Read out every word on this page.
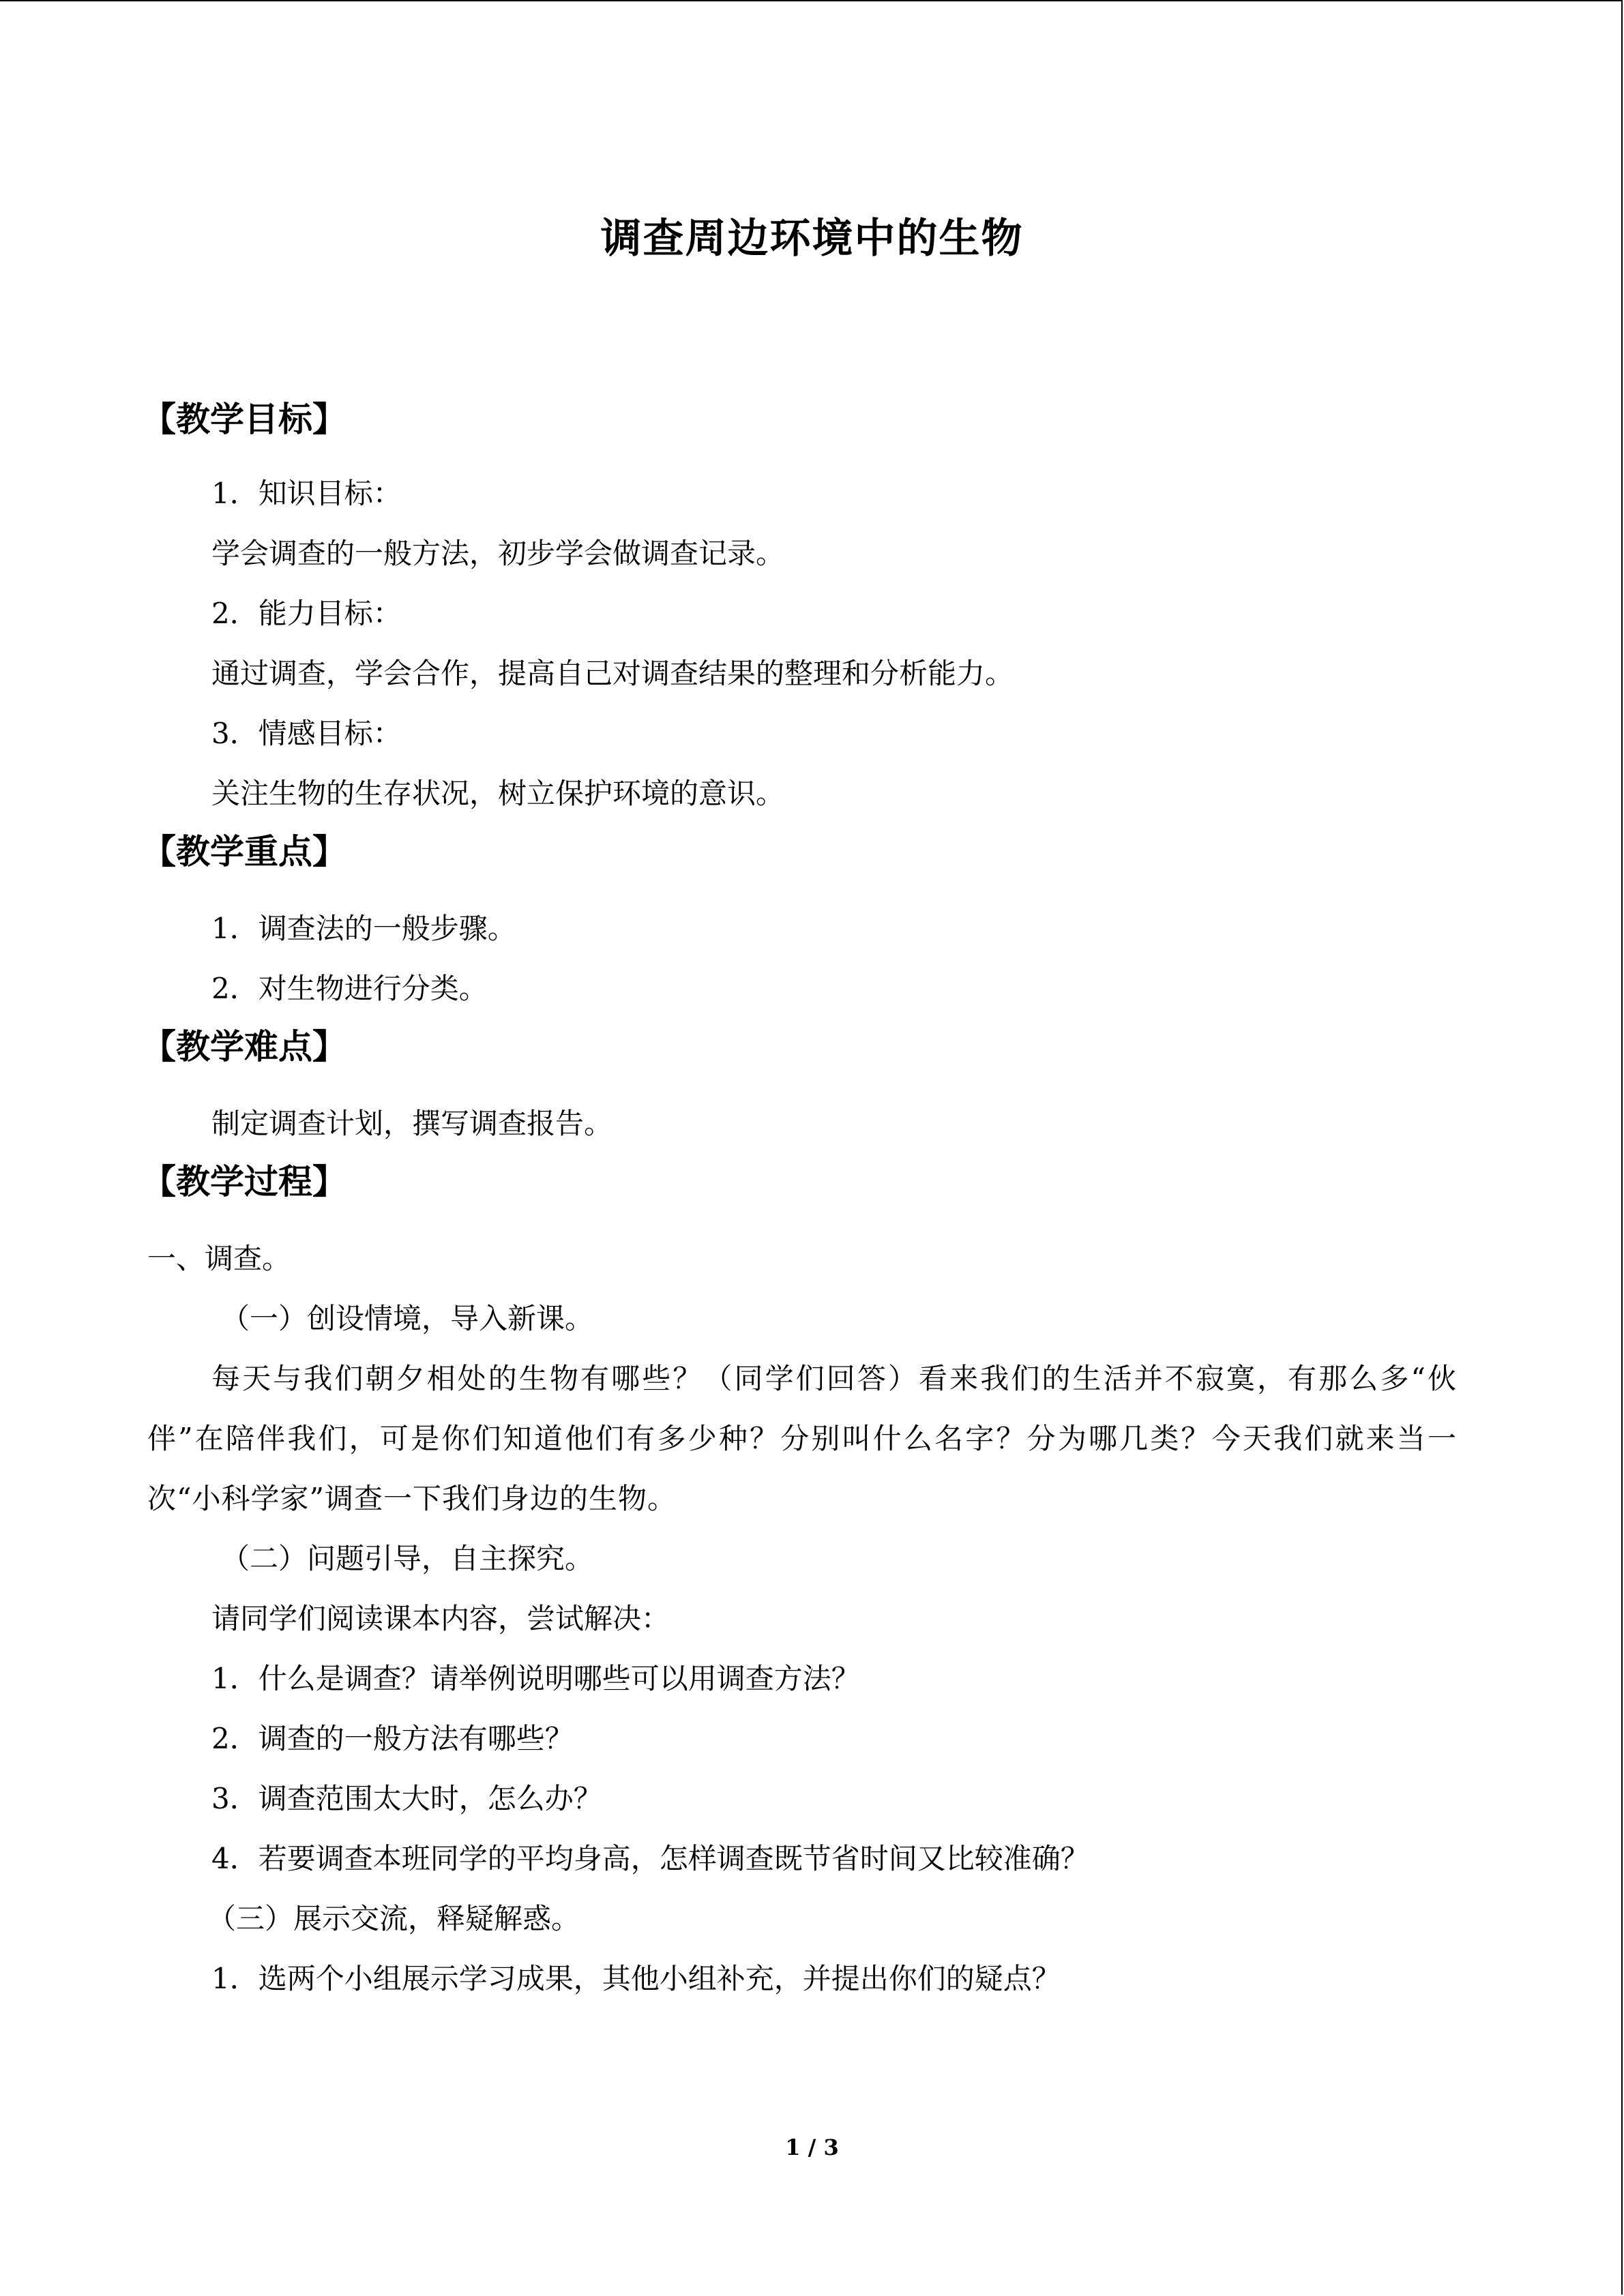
调查周边环境中的生物
【教学目标】
1．知识目标：
学会调查的一般方法，初步学会做调查记录。
2．能力目标：
通过调查，学会合作，提高自己对调查结果的整理和分析能力。
3．情感目标：
关注生物的生存状况，树立保护环境的意识。
【教学重点】
1．调查法的一般步骤。
2．对生物进行分类。
【教学难点】
制定调查计划，撰写调查报告。
【教学过程】
一、调查。
（一）创设情境，导入新课。
每天与我们朝夕相处的生物有哪些？（同学们回答）看来我们的生活并不寂寞，有那么多“伙伴”在陪伴我们，可是你们知道他们有多少种？分别叫什么名字？分为哪几类？今天我们就来当一次“小科学家”调查一下我们身边的生物。
（二）问题引导，自主探究。
请同学们阅读课本内容，尝试解决：
1．什么是调查？请举例说明哪些可以用调查方法？
2．调查的一般方法有哪些？
3．调查范围太大时，怎么办？
4．若要调查本班同学的平均身高，怎样调查既节省时间又比较准确？
（三）展示交流，释疑解惑。
1．选两个小组展示学习成果，其他小组补充，并提出你们的疑点？
1 / 3
